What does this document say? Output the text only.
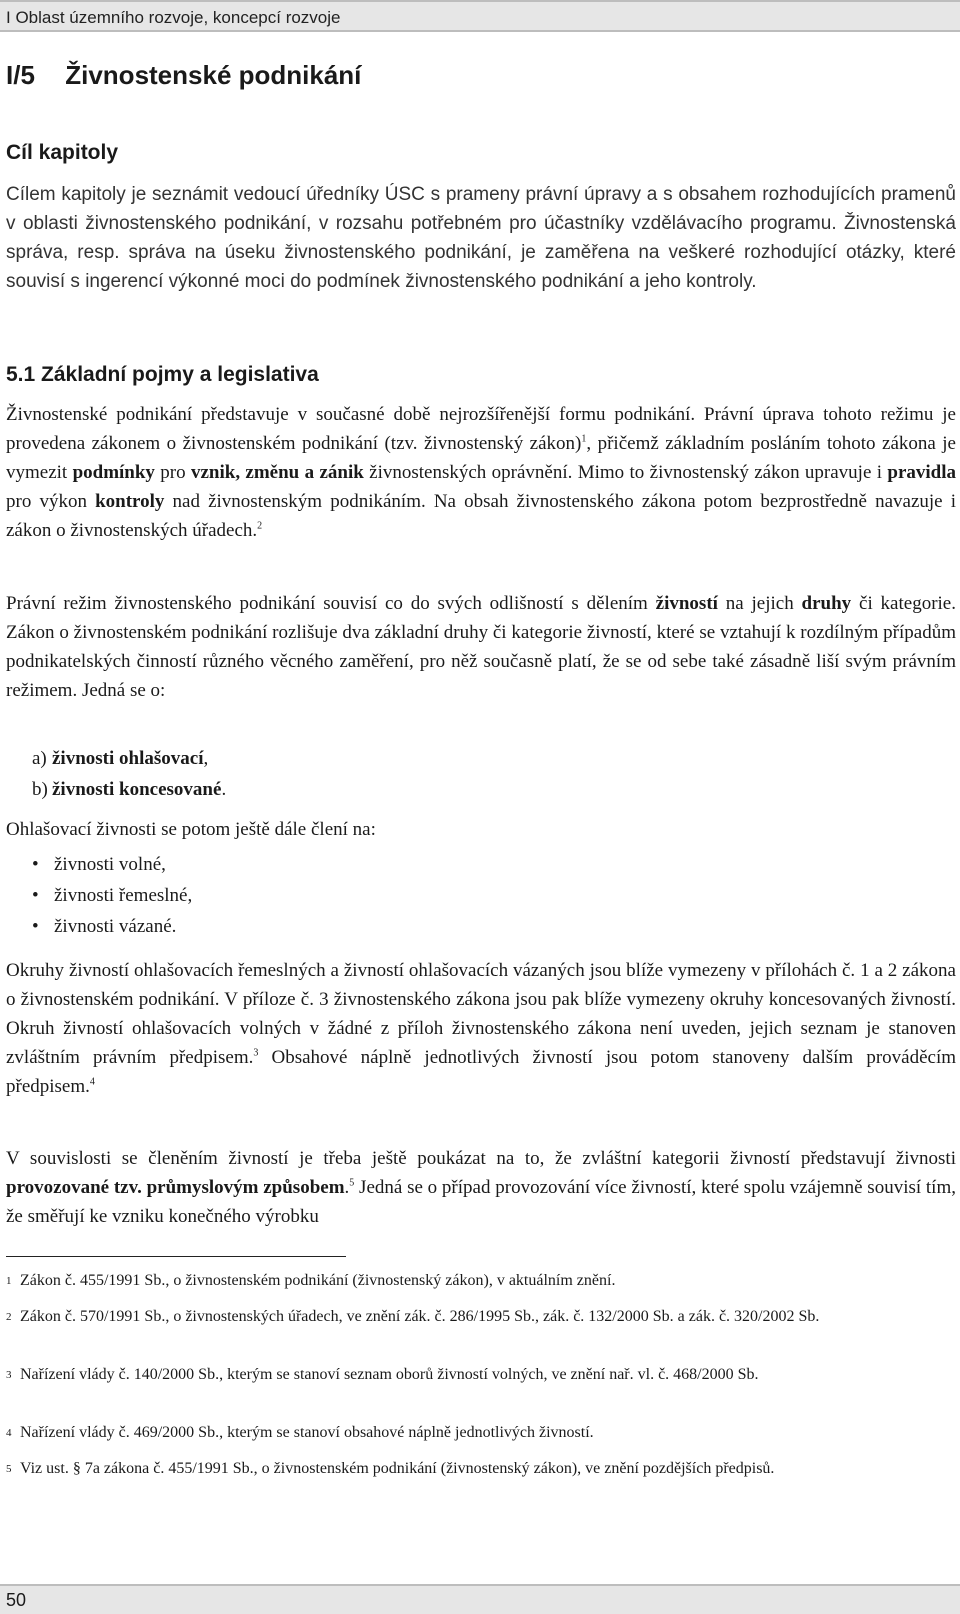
I Oblast územního rozvoje, koncepcí rozvoje
I/5 Živnostenské podnikání
Cíl kapitoly

Cílem kapitoly je seznámit vedoucí úředníky ÚSC s prameny právní úpravy a s obsahem rozhodujících pramenů v oblasti živnostenského podnikání, v rozsahu potřebném pro účastníky vzdělávacího programu. Živnostenská správa, resp. správa na úseku živnostenského podnikání, je zaměřena na veškeré rozhodující otázky, které souvisí s ingerencí výkonné moci do podmínek živnostenského podnikání a jeho kontroly.

5.1 Základní pojmy a legislativa

Živnostenské podnikání představuje v současné době nejrozšířenější formu podnikání. Právní úprava tohoto režimu je provedena zákonem o živnostenském podnikání (tzv. živnostenský zákon)$^1$, přičemž základním posláním tohoto zákona je vymezit podmínky pro vznik, změnu a zánik živnostenských oprávnění. Mimo to živnostenský zákon upravuje i pravidla pro výkon kontroly nad živnostenským podnikáním. Na obsah živnostenského zákona potom bezprostředně navazuje i zákon o živnostenských úřadech.$^2$

Právní režim živnostenského podnikání souvisí co do svých odlišností s dělením živností na jejich druhy či kategorie. Zákon o živnostenském podnikání rozlišuje dva základní druhy či kategorie živností, které se vztahují k rozdílným případům podnikatelských činností různého věcného zaměření, pro něž současně platí, že se od sebe také zásadně liší svým právním režimem. Jedná se o:

a) živnosti ohlašovací,
b) živnosti koncesované.

Ohlašovací živnosti se potom ještě dále člení na:

• živnosti volné,
• živnosti řemeslné,
• živnosti vázané.

Okruhy živností ohlašovacích řemeslných a živností ohlašovacích vázaných jsou blíže vymezeny v přílohách č. 1 a 2 zákona o živnostenském podnikání. V příloze č. 3 živnostenského zákona jsou pak blíže vymezeny okruhy koncesovaných živností. Okruh živností ohlašovacích volných v žádné z příloh živnostenského zákona není uveden, jejich seznam je stanoven zvláštním právním předpisem.$^3$ Obsahové náplně jednotlivých živností jsou potom stanoveny dalším prováděcím předpisem.$^4$

V souvislosti se členěním živností je třeba ještě poukázat na to, že zvláštní kategorii živností představují živnosti provozované tzv. průmyslovým způsobem.$^5$ Jedná se o případ provozování více živností, které spolu vzájemně souvisí tím, že směřují ke vzniku konečného výrobku

1 Zákon č. 455/1991 Sb., o živnostenském podnikání (živnostenský zákon), v aktuálním znění.
2 Zákon č. 570/1991 Sb., o živnostenských úřadech, ve znění zák. č. 286/1995 Sb., zák. č. 132/2000 Sb. a zák. č. 320/2002 Sb.
3 Nařízení vlády č. 140/2000 Sb., kterým se stanoví seznam oborů živností volných, ve znění nař. vl. č. 468/2000 Sb.
4 Nařízení vlády č. 469/2000 Sb., kterým se stanoví obsahové náplně jednotlivých živností.
5 Viz ust. § 7a zákona č. 455/1991 Sb., o živnostenském podnikání (živnostenský zákon), ve znění pozdějších předpisů.
50
